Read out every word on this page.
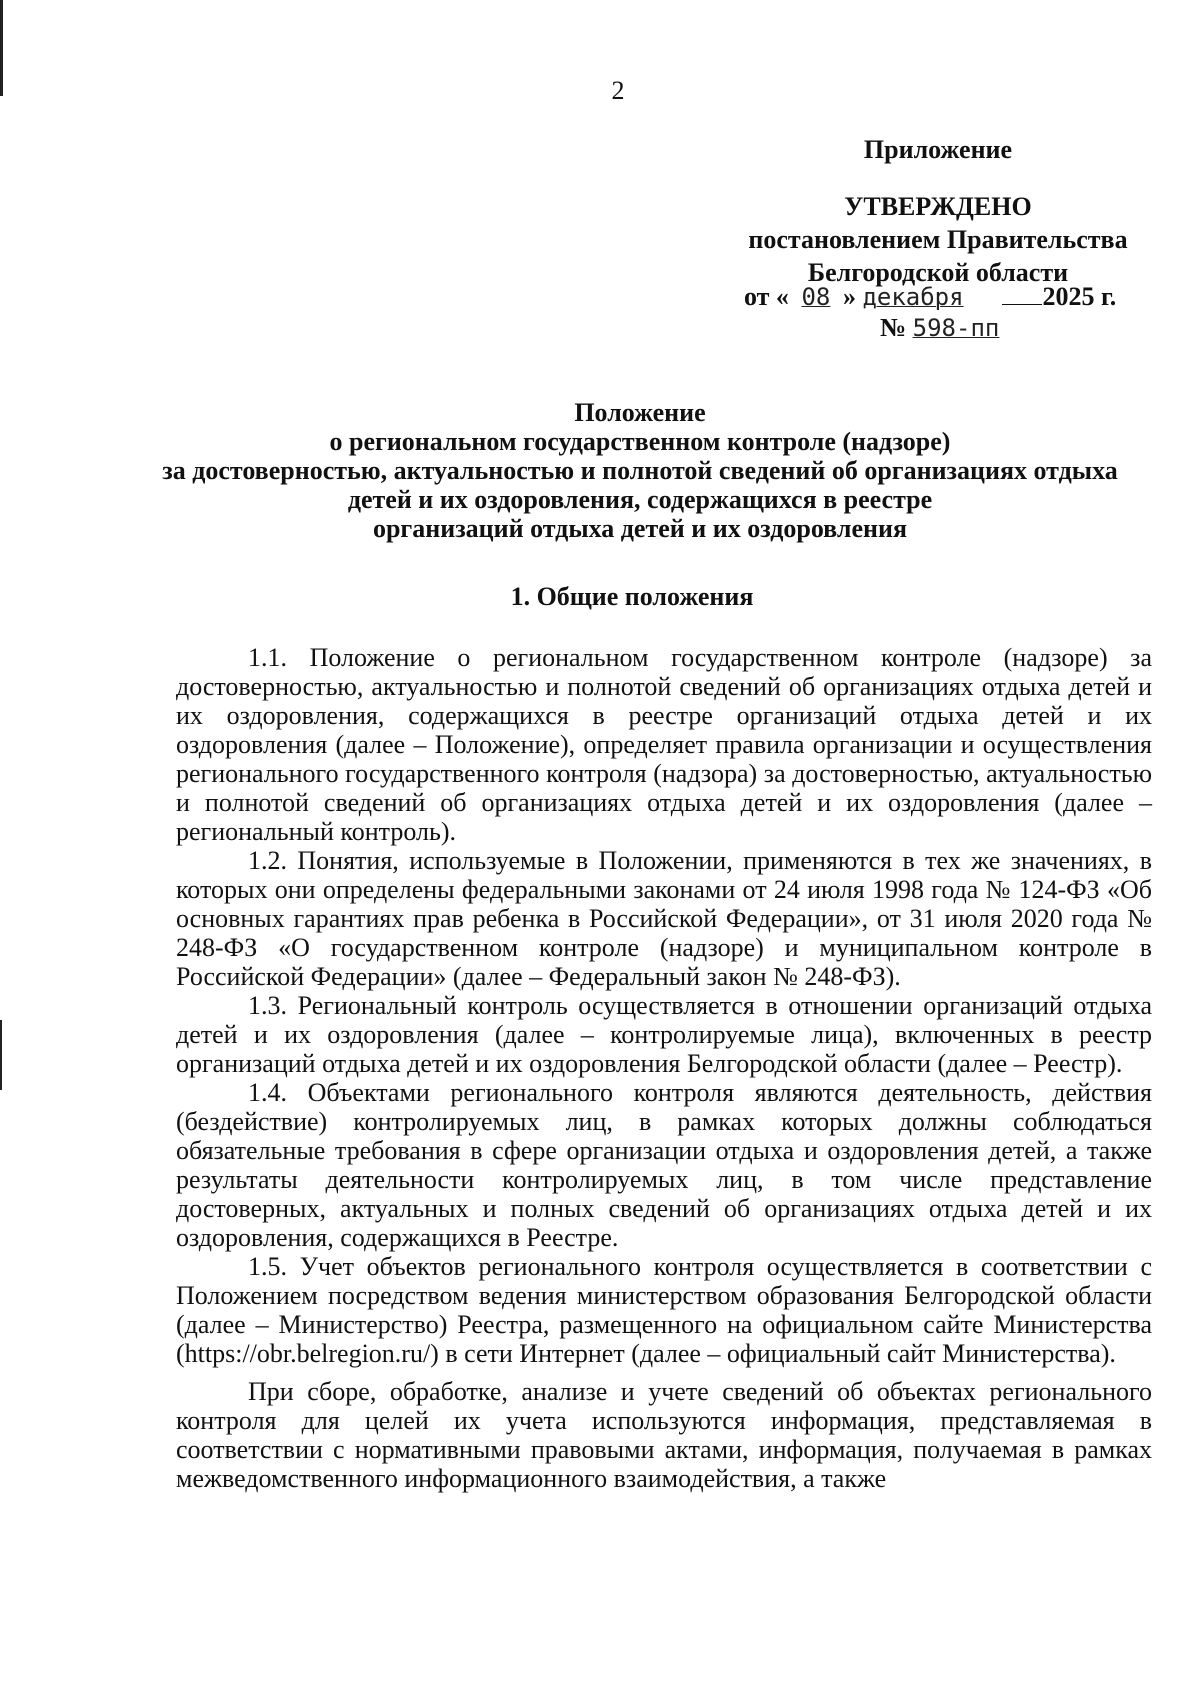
2
Приложение
УТВЕРЖДЕНО
постановлением Правительства
Белгородской области
от « 08 » декабря	2025 г.
№ 598-пп
Положение
о региональном государственном контроле (надзоре)
за достоверностью, актуальностью и полнотой сведений об организациях отдыха
детей и их оздоровления, содержащихся в реестре
организаций отдыха детей и их оздоровления
1. Общие положения

1.1. Положение о региональном государственном контроле (надзоре) за достоверностью, актуальностью и полнотой сведений об организациях отдыха детей и их оздоровления, содержащихся в реестре организаций отдыха детей и их оздоровления (далее – Положение), определяет правила организации и осуществления регионального государственного контроля (надзора) за достоверностью, актуальностью и полнотой сведений об организациях отдыха детей и их оздоровления (далее – региональный контроль).

1.2. Понятия, используемые в Положении, применяются в тех же значениях, в которых они определены федеральными законами от 24 июля 1998 года № 124-ФЗ «Об основных гарантиях прав ребенка в Российской Федерации», от 31 июля 2020 года № 248-ФЗ «О государственном контроле (надзоре) и муниципальном контроле в Российской Федерации» (далее – Федеральный закон № 248-ФЗ).

1.3. Региональный контроль осуществляется в отношении организаций отдыха детей и их оздоровления (далее – контролируемые лица), включенных в реестр организаций отдыха детей и их оздоровления Белгородской области (далее – Реестр).

1.4. Объектами регионального контроля являются деятельность, действия (бездействие) контролируемых лиц, в рамках которых должны соблюдаться обязательные требования в сфере организации отдыха и оздоровления детей, а также результаты деятельности контролируемых лиц, в том числе представление достоверных, актуальных и полных сведений об организациях отдыха детей и их оздоровления, содержащихся в Реестре.

1.5. Учет объектов регионального контроля осуществляется в соответствии с Положением посредством ведения министерством образования Белгородской области (далее – Министерство) Реестра, размещенного на официальном сайте Министерства (https://obr.belregion.ru/) в сети Интернет (далее – официальный сайт Министерства).

При сборе, обработке, анализе и учете сведений об объектах регионального контроля для целей их учета используются информация, представляемая в соответствии с нормативными правовыми актами, информация, получаемая в рамках межведомственного информационного взаимодействия, а также
